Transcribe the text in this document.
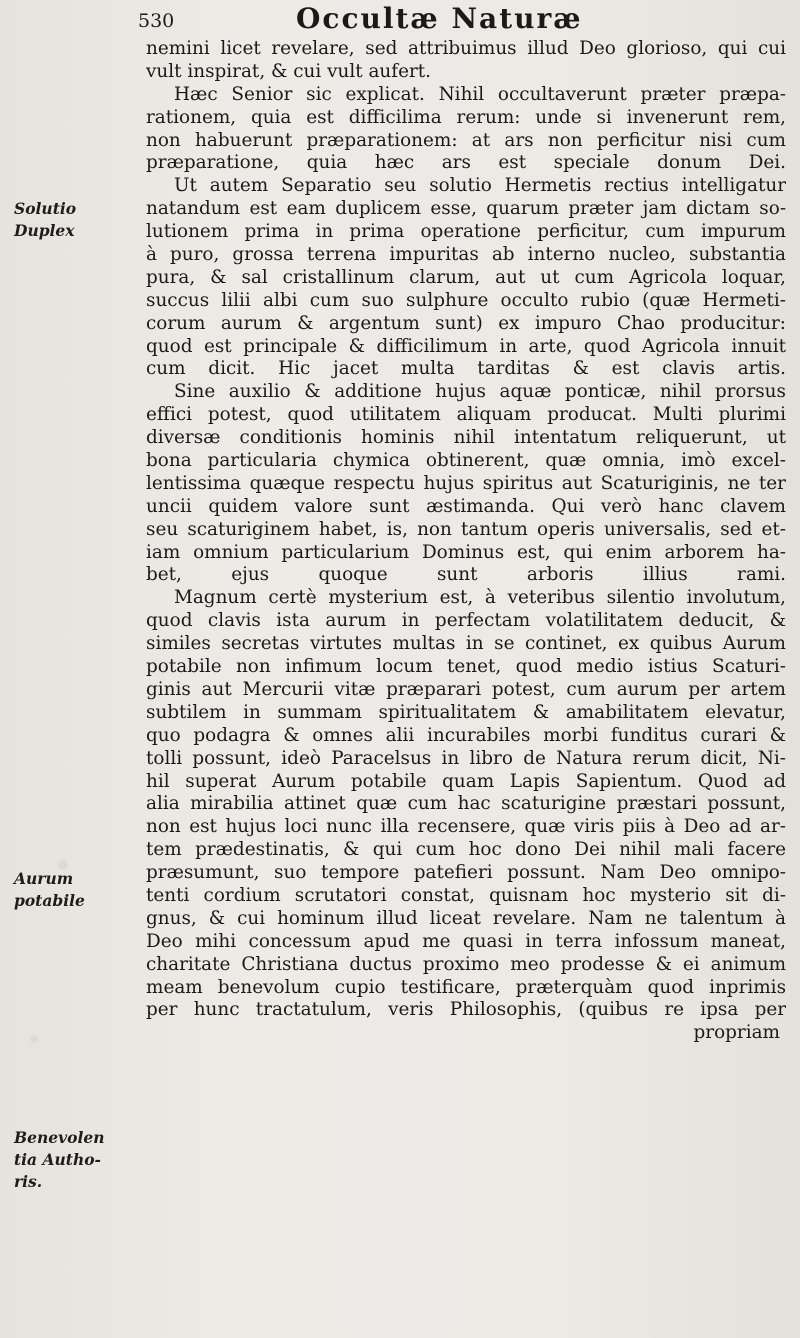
530	Occultæ Naturæ
Solutio
Duplex
Aurum
potabile
Benevolen
tia Autho-
ris.
nemini licet revelare, sed attribuimus illud Deo glorioso, qui cui
vult inspirat, & cui vult aufert.
Hæc Senior sic explicat. Nihil occultaverunt præter præpa-
rationem, quia est difficilima rerum: unde si invenerunt rem,
non habuerunt præparationem: at ars non perficitur nisi cum
præparatione, quia hæc ars est speciale donum Dei.
Ut autem Separatio seu solutio Hermetis rectius intelligatur
natandum est eam duplicem esse, quarum præter jam dictam so-
lutionem prima in prima operatione perficitur, cum impurum
à puro, grossa terrena impuritas ab interno nucleo, substantia
pura, & sal cristallinum clarum, aut ut cum Agricola loquar,
succus lilii albi cum suo sulphure occulto rubio (quæ Hermeti-
corum aurum & argentum sunt) ex impuro Chao producitur:
quod est principale & difficilimum in arte, quod Agricola innuit
cum dicit. Hic jacet multa tarditas & est clavis artis.
Sine auxilio & additione hujus aquæ ponticæ, nihil prorsus
effici potest, quod utilitatem aliquam producat. Multi plurimi
diversæ conditionis hominis nihil intentatum reliquerunt, ut
bona particularia chymica obtinerent, quæ omnia, imò excel-
lentissima quæque respectu hujus spiritus aut Scaturiginis, ne ter
uncii quidem valore sunt æstimanda. Qui verò hanc clavem
seu scaturiginem habet, is, non tantum operis universalis, sed et-
iam omnium particularium Dominus est, qui enim arborem ha-
bet, ejus quoque sunt arboris illius rami.
Magnum certè mysterium est, à veteribus silentio involutum,
quod clavis ista aurum in perfectam volatilitatem deducit, &
similes secretas virtutes multas in se continet, ex quibus Aurum
potabile non infimum locum tenet, quod medio istius Scaturi-
ginis aut Mercurii vitæ præparari potest, cum aurum per artem
subtilem in summam spiritualitatem & amabilitatem elevatur,
quo podagra & omnes alii incurabiles morbi funditus curari &
tolli possunt, ideò Paracelsus in libro de Natura rerum dicit, Ni-
hil superat Aurum potabile quam Lapis Sapientum. Quod ad
alia mirabilia attinet quæ cum hac scaturigine præstari possunt,
non est hujus loci nunc illa recensere, quæ viris piis à Deo ad ar-
tem prædestinatis, & qui cum hoc dono Dei nihil mali facere
præsumunt, suo tempore patefieri possunt. Nam Deo omnipo-
tenti cordium scrutatori constat, quisnam hoc mysterio sit di-
gnus, & cui hominum illud liceat revelare. Nam ne talentum à
Deo mihi concessum apud me quasi in terra infossum maneat,
charitate Christiana ductus proximo meo prodesse & ei animum
meam benevolum cupio testificare, præterquàm quod inprimis
per hunc tractatulum, veris Philosophis, (quibus re ipsa per
propriam
